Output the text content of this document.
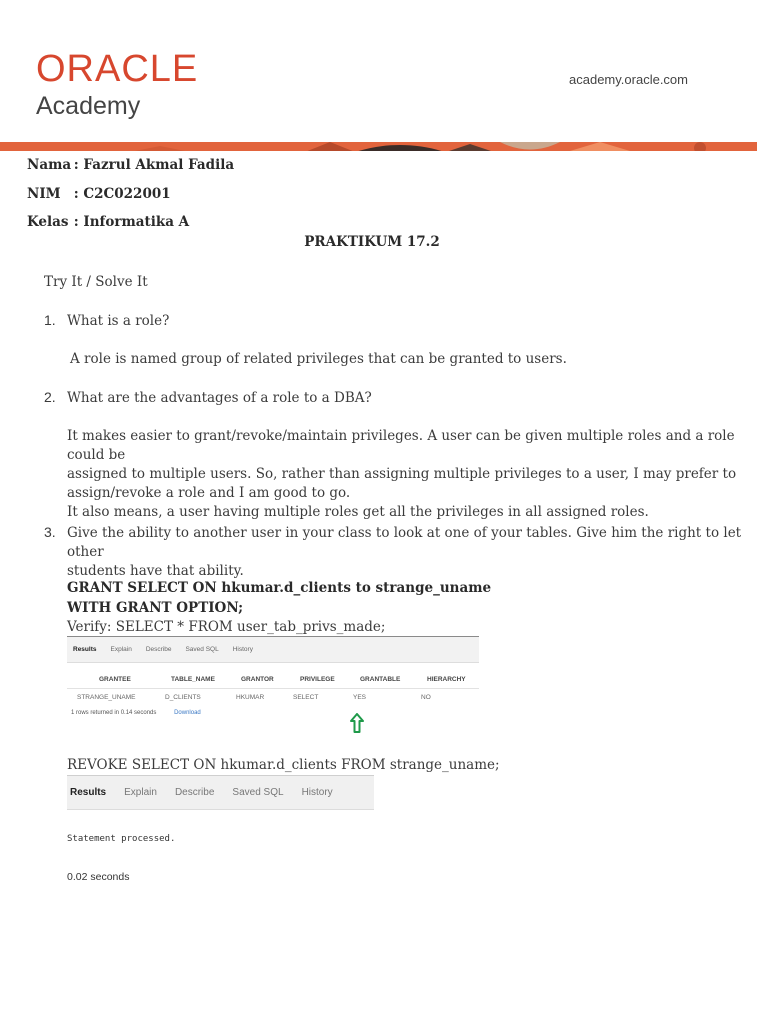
ORACLE
Academy
academy.oracle.com
Nama : Fazrul Akmal Fadila
NIM : C2C022001
Kelas : Informatika A
PRAKTIKUM 17.2
Try It / Solve It
1. What is a role?
A role is named group of related privileges that can be granted to users.
2. What are the advantages of a role to a DBA?
It makes easier to grant/revoke/maintain privileges. A user can be given multiple roles and a role could be
assigned to multiple users. So, rather than assigning multiple privileges to a user, I may prefer to
assign/revoke a role and I am good to go.
It also means, a user having multiple roles get all the privileges in all assigned roles.
3. Give the ability to another user in your class to look at one of your tables. Give him the right to let other
students have that ability.
GRANT SELECT ON hkumar.d_clients to strange_uname
WITH GRANT OPTION;
Verify: SELECT * FROM user_tab_privs_made;
Results Explain Describe Saved SQL History
GRANTEE	TABLE_NAME	GRANTOR	PRIVILEGE	GRANTABLE	HIERARCHY
STRANGE_UNAME	D_CLIENTS	HKUMAR	SELECT	YES	NO
1 rows returned in 0.14 seconds	Download
REVOKE SELECT ON hkumar.d_clients FROM strange_uname;
Results Explain Describe Saved SQL History
Statement processed.
0.02 seconds
